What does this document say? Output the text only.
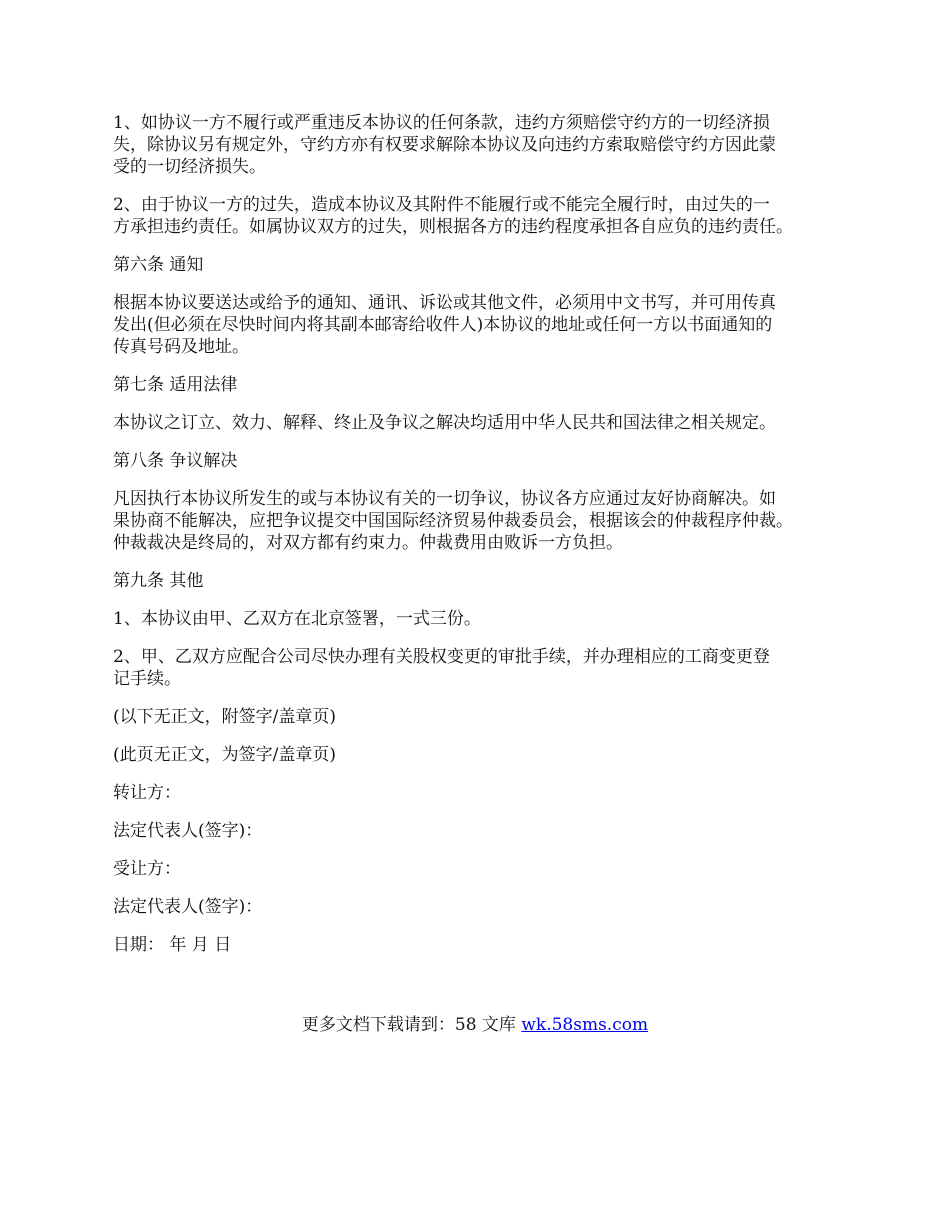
1、如协议一方不履行或严重违反本协议的任何条款，违约方须赔偿守约方的一切经济损
失，除协议另有规定外，守约方亦有权要求解除本协议及向违约方索取赔偿守约方因此蒙
受的一切经济损失。
2、由于协议一方的过失，造成本协议及其附件不能履行或不能完全履行时，由过失的一
方承担违约责任。如属协议双方的过失，则根据各方的违约程度承担各自应负的违约责任。
第六条 通知
根据本协议要送达或给予的通知、通讯、诉讼或其他文件，必须用中文书写，并可用传真
发出(但必须在尽快时间内将其副本邮寄给收件人)本协议的地址或任何一方以书面通知的
传真号码及地址。
第七条 适用法律
本协议之订立、效力、解释、终止及争议之解决均适用中华人民共和国法律之相关规定。
第八条 争议解决
凡因执行本协议所发生的或与本协议有关的一切争议，协议各方应通过友好协商解决。如
果协商不能解决，应把争议提交中国国际经济贸易仲裁委员会，根据该会的仲裁程序仲裁。
仲裁裁决是终局的，对双方都有约束力。仲裁费用由败诉一方负担。
第九条 其他
1、本协议由甲、乙双方在北京签署，一式三份。
2、甲、乙双方应配合公司尽快办理有关股权变更的审批手续，并办理相应的工商变更登
记手续。
(以下无正文，附签字/盖章页)
(此页无正文，为签字/盖章页)
转让方：
法定代表人(签字)：
受让方：
法定代表人(签字)：
日期： 年 月 日
更多文档下载请到：58 文库 wk.58sms.com
